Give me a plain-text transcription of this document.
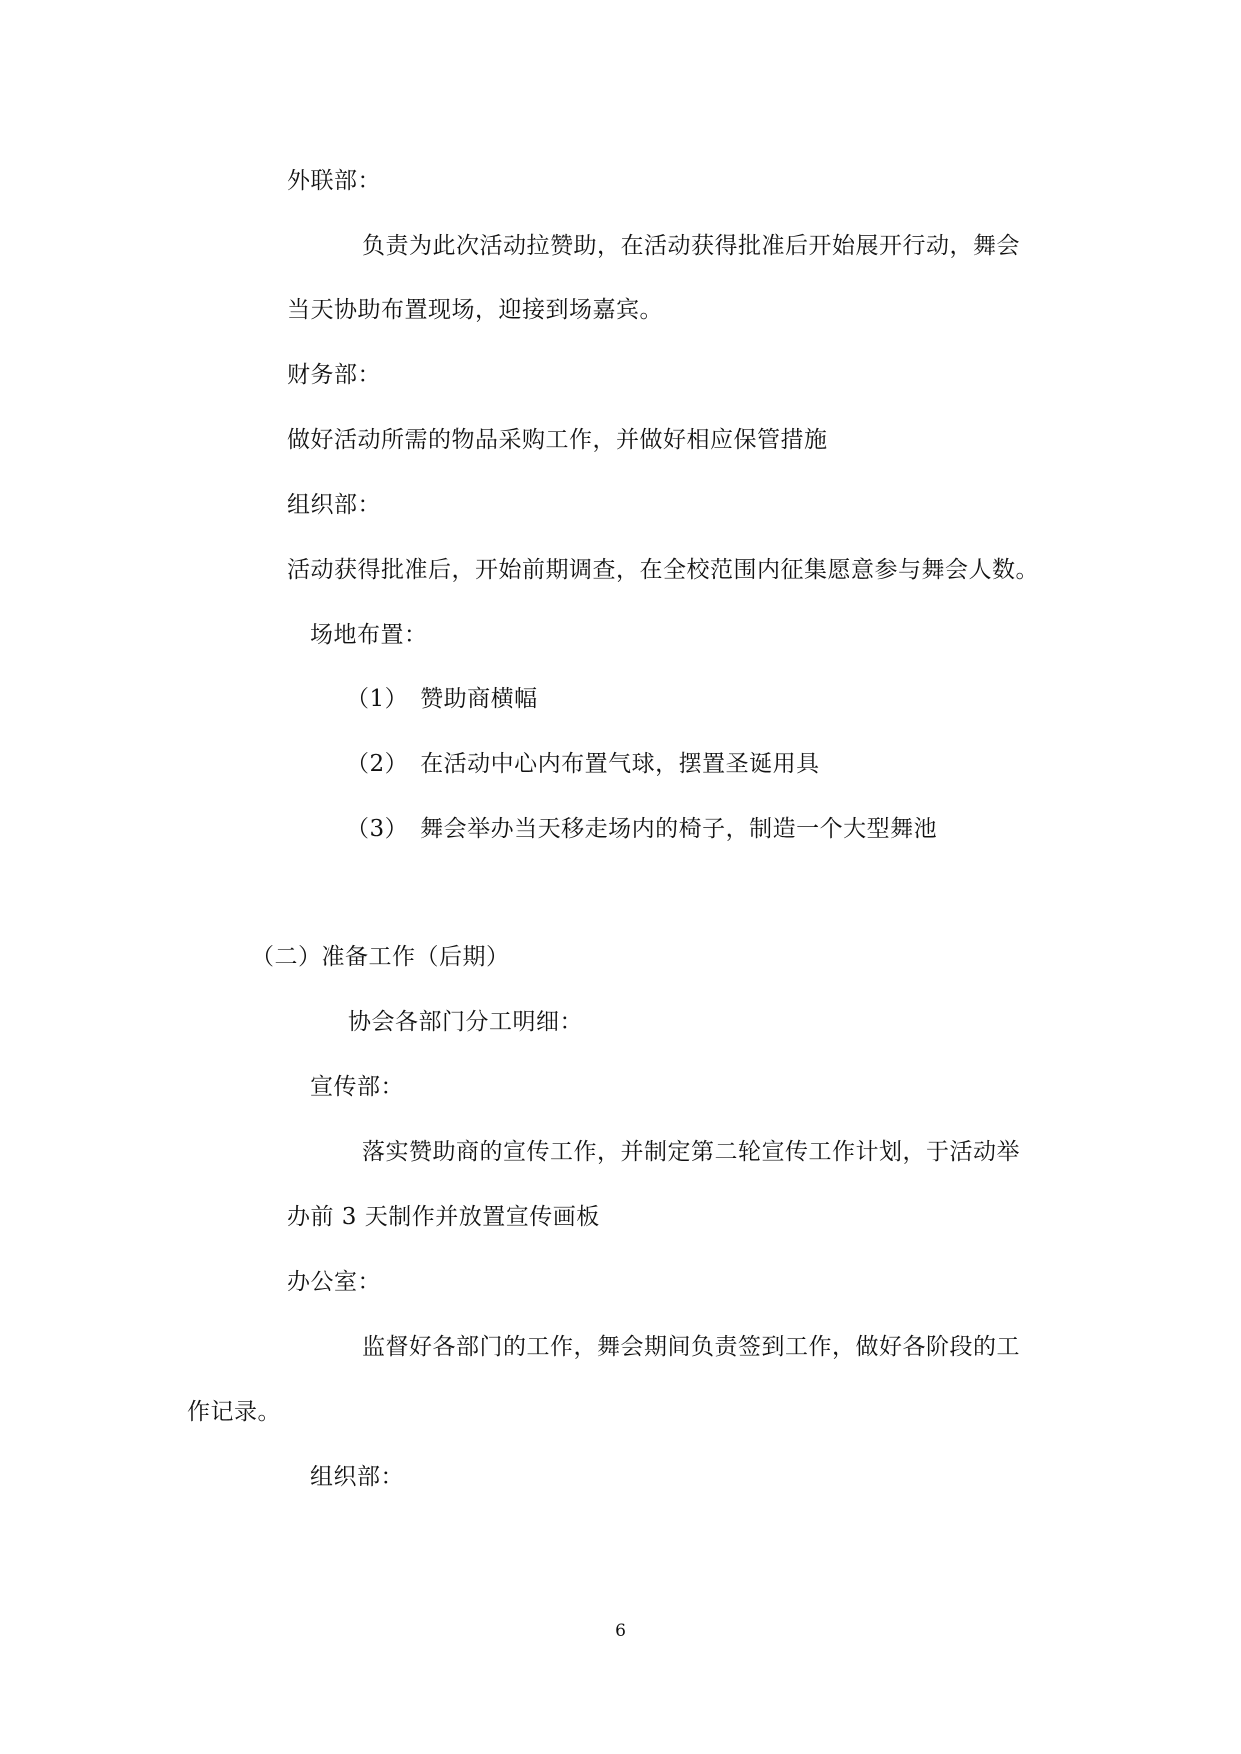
外联部：
负责为此次活动拉赞助，在活动获得批准后开始展开行动，舞会
当天协助布置现场，迎接到场嘉宾。
财务部：
做好活动所需的物品采购工作，并做好相应保管措施
组织部：
活动获得批准后，开始前期调查，在全校范围内征集愿意参与舞会人数。
场地布置：
（1）　赞助商横幅
（2）　在活动中心内布置气球，摆置圣诞用具
（3）　舞会举办当天移走场内的椅子，制造一个大型舞池
（二）准备工作（后期）
协会各部门分工明细：
宣传部：
落实赞助商的宣传工作，并制定第二轮宣传工作计划，于活动举
办前 3 天制作并放置宣传画板
办公室：
监督好各部门的工作，舞会期间负责签到工作，做好各阶段的工
作记录。
组织部：
6
